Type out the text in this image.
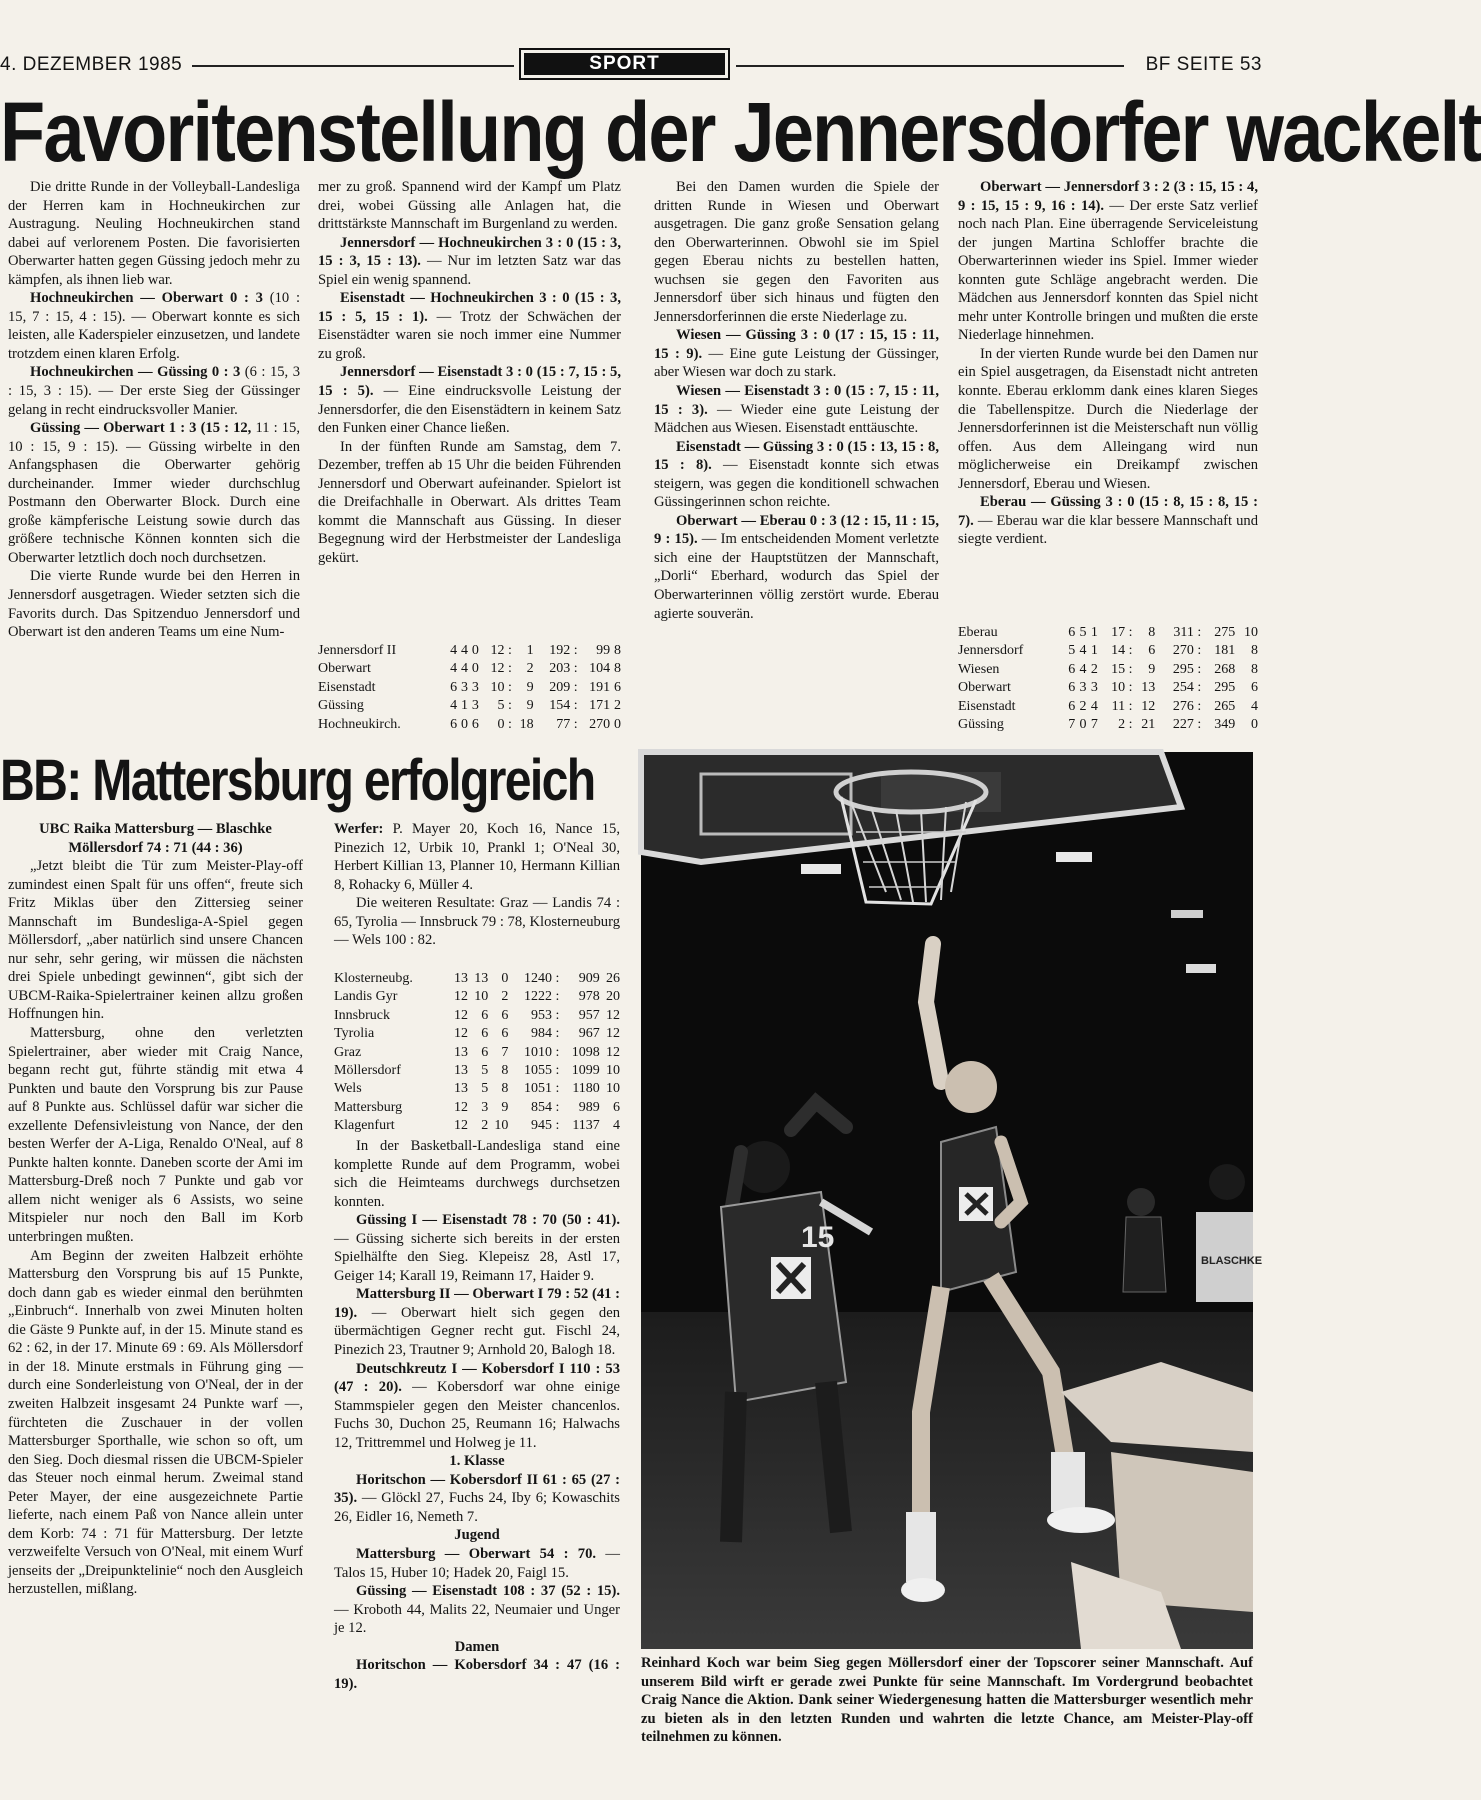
4. DEZEMBER 1985	SPORT	BF SEITE 53
Favoritenstellung der Jennersdorfer wackelt

Die dritte Runde in der Volleyball-Landesliga der Herren kam in Hochneukirchen zur Austragung. Neuling Hochneukirchen stand dabei auf verlorenem Posten. Die favorisierten Oberwarter hatten gegen Güssing jedoch mehr zu kämpfen, als ihnen lieb war.

Hochneukirchen — Oberwart 0 : 3 (10 : 15, 7 : 15, 4 : 15). — Oberwart konnte es sich leisten, alle Kaderspieler einzusetzen, und landete trotzdem einen klaren Erfolg.

Hochneukirchen — Güssing 0 : 3 (6 : 15, 3 : 15, 3 : 15). — Der erste Sieg der Güssinger gelang in recht eindrucksvoller Manier.

Güssing — Oberwart 1 : 3 (15 : 12, 11 : 15, 10 : 15, 9 : 15). — Güssing wirbelte in den Anfangsphasen die Oberwarter gehörig durcheinander. Immer wieder durchschlug Postmann den Oberwarter Block. Durch eine große kämpferische Leistung sowie durch das größere technische Können konnten sich die Oberwarter letztlich doch noch durchsetzen.

Die vierte Runde wurde bei den Herren in Jennersdorf ausgetragen. Wieder setzten sich die Favorits durch. Das Spitzenduo Jennersdorf und Oberwart ist den anderen Teams um eine Num-

mer zu groß. Spannend wird der Kampf um Platz drei, wobei Güssing alle Anlagen hat, die drittstärkste Mannschaft im Burgenland zu werden.

Jennersdorf — Hochneukirchen 3 : 0 (15 : 3, 15 : 3, 15 : 13). — Nur im letzten Satz war das Spiel ein wenig spannend.

Eisenstadt — Hochneukirchen 3 : 0 (15 : 3, 15 : 5, 15 : 1). — Trotz der Schwächen der Eisenstädter waren sie noch immer eine Nummer zu groß.

Jennersdorf — Eisenstadt 3 : 0 (15 : 7, 15 : 5, 15 : 5). — Eine eindrucksvolle Leistung der Jennersdorfer, die den Eisenstädtern in keinem Satz den Funken einer Chance ließen.

In der fünften Runde am Samstag, dem 7. Dezember, treffen ab 15 Uhr die beiden Führenden Jennersdorf und Oberwart aufeinander. Spielort ist die Dreifachhalle in Oberwart. Als drittes Team kommt die Mannschaft aus Güssing. In dieser Begegnung wird der Herbstmeister der Landesliga gekürt.

Bei den Damen wurden die Spiele der dritten Runde in Wiesen und Oberwart ausgetragen. Die ganz große Sensation gelang den Oberwarterinnen. Obwohl sie im Spiel gegen Eberau nichts zu bestellen hatten, wuchsen sie gegen den Favoriten aus Jennersdorf über sich hinaus und fügten den Jennersdorferinnen die erste Niederlage zu.

Wiesen — Güssing 3 : 0 (17 : 15, 15 : 11, 15 : 9). — Eine gute Leistung der Güssinger, aber Wiesen war doch zu stark.

Wiesen — Eisenstadt 3 : 0 (15 : 7, 15 : 11, 15 : 3). — Wieder eine gute Leistung der Mädchen aus Wiesen. Eisenstadt enttäuschte.

Eisenstadt — Güssing 3 : 0 (15 : 13, 15 : 8, 15 : 8). — Eisenstadt konnte sich etwas steigern, was gegen die konditionell schwachen Güssingerinnen schon reichte.

Oberwart — Eberau 0 : 3 (12 : 15, 11 : 15, 9 : 15). — Im entscheidenden Moment verletzte sich eine der Hauptstützen der Mannschaft, „Dorli“ Eberhard, wodurch das Spiel der Oberwarterinnen völlig zerstört wurde. Eberau agierte souverän.

Oberwart — Jennersdorf 3 : 2 (3 : 15, 15 : 4, 9 : 15, 15 : 9, 16 : 14). — Der erste Satz verlief noch nach Plan. Eine überragende Serviceleistung der jungen Martina Schloffer brachte die Oberwarterinnen wieder ins Spiel. Immer wieder konnten gute Schläge angebracht werden. Die Mädchen aus Jennersdorf konnten das Spiel nicht mehr unter Kontrolle bringen und mußten die erste Niederlage hinnehmen.

In der vierten Runde wurde bei den Damen nur ein Spiel ausgetragen, da Eisenstadt nicht antreten konnte. Eberau erklomm dank eines klaren Sieges die Tabellenspitze. Durch die Niederlage der Jennersdorferinnen ist die Meisterschaft nun völlig offen. Aus dem Alleingang wird nun möglicherweise ein Dreikampf zwischen Jennersdorf, Eberau und Wiesen.

Eberau — Güssing 3 : 0 (15 : 8, 15 : 8, 15 : 7). — Eberau war die klar bessere Mannschaft und siegte verdient.

Jennersdorf II	4	4	0	12 :	1	192 :	99	8
Oberwart	4	4	0	12 :	2	203 :	104	8
Eisenstadt	6	3	3	10 :	9	209 :	191	6
Güssing	4	1	3	5 :	9	154 :	171	2
Hochneukirch.	6	0	6	0 :	18	77 :	270	0
Eberau	6	5	1	17 :	8	311 :	275	10
Jennersdorf	5	4	1	14 :	6	270 :	181	8
Wiesen	6	4	2	15 :	9	295 :	268	8
Oberwart	6	3	3	10 :	13	254 :	295	6
Eisenstadt	6	2	4	11 :	12	276 :	265	4
Güssing	7	0	7	2 :	21	227 :	349	0
BB: Mattersburg erfolgreich

UBC Raika Mattersburg — Blaschke Möllersdorf 74 : 71 (44 : 36)

„Jetzt bleibt die Tür zum Meister-Play-off zumindest einen Spalt für uns offen“, freute sich Fritz Miklas über den Zittersieg seiner Mannschaft im Bundesliga-A-Spiel gegen Möllersdorf, „aber natürlich sind unsere Chancen nur sehr, sehr gering, wir müssen die nächsten drei Spiele unbedingt gewinnen“, gibt sich der UBCM-Raika-Spielertrainer keinen allzu großen Hoffnungen hin.

Mattersburg, ohne den verletzten Spielertrainer, aber wieder mit Craig Nance, begann recht gut, führte ständig mit etwa 4 Punkten und baute den Vorsprung bis zur Pause auf 8 Punkte aus. Schlüssel dafür war sicher die exzellente Defensivleistung von Nance, der den besten Werfer der A-Liga, Renaldo O'Neal, auf 8 Punkte halten konnte. Daneben scorte der Ami im Mattersburg-Dreß noch 7 Punkte und gab vor allem nicht weniger als 6 Assists, wo seine Mitspieler nur noch den Ball im Korb unterbringen mußten.

Am Beginn der zweiten Halbzeit erhöhte Mattersburg den Vorsprung bis auf 15 Punkte, doch dann gab es wieder einmal den berühmten „Einbruch“. Innerhalb von zwei Minuten holten die Gäste 9 Punkte auf, in der 15. Minute stand es 62 : 62, in der 17. Minute 69 : 69. Als Möllersdorf in der 18. Minute erstmals in Führung ging — durch eine Sonderleistung von O'Neal, der in der zweiten Halbzeit insgesamt 24 Punkte warf —, fürchteten die Zuschauer in der vollen Mattersburger Sporthalle, wie schon so oft, um den Sieg. Doch diesmal rissen die UBCM-Spieler das Steuer noch einmal herum. Zweimal stand Peter Mayer, der eine ausgezeichnete Partie lieferte, nach einem Paß von Nance allein unter dem Korb: 74 : 71 für Mattersburg. Der letzte verzweifelte Versuch von O'Neal, mit einem Wurf jenseits der „Dreipunktelinie“ noch den Ausgleich herzustellen, mißlang.

Werfer: P. Mayer 20, Koch 16, Nance 15, Pinezich 12, Urbik 10, Prankl 1; O'Neal 30, Herbert Killian 13, Planner 10, Hermann Killian 8, Rohacky 6, Müller 4.

Die weiteren Resultate: Graz — Landis 74 : 65, Tyrolia — Innsbruck 79 : 78, Klosterneuburg — Wels 100 : 82.

Klosterneubg.	13	13	0	1240 :	909	26
Landis Gyr	12	10	2	1222 :	978	20
Innsbruck	12	6	6	953 :	957	12
Tyrolia	12	6	6	984 :	967	12
Graz	13	6	7	1010 :	1098	12
Möllersdorf	13	5	8	1055 :	1099	10
Wels	13	5	8	1051 :	1180	10
Mattersburg	12	3	9	854 :	989	6
Klagenfurt	12	2	10	945 :	1137	4

In der Basketball-Landesliga stand eine komplette Runde auf dem Programm, wobei sich die Heimteams durchwegs durchsetzen konnten.

Güssing I — Eisenstadt 78 : 70 (50 : 41). — Güssing sicherte sich bereits in der ersten Spielhälfte den Sieg. Klepeisz 28, Astl 17, Geiger 14; Karall 19, Reimann 17, Haider 9.

Mattersburg II — Oberwart I 79 : 52 (41 : 19). — Oberwart hielt sich gegen den übermächtigen Gegner recht gut. Fischl 24, Pinezich 23, Trautner 9; Arnhold 20, Balogh 18.

Deutschkreutz I — Kobersdorf I 110 : 53 (47 : 20). — Kobersdorf war ohne einige Stammspieler gegen den Meister chancenlos. Fuchs 30, Duchon 25, Reumann 16; Halwachs 12, Trittremmel und Holweg je 11.

1. Klasse

Horitschon — Kobersdorf II 61 : 65 (27 : 35). — Glöckl 27, Fuchs 24, Iby 6; Kowaschits 26, Eidler 16, Nemeth 7.

Jugend

Mattersburg — Oberwart 54 : 70. — Talos 15, Huber 10; Hadek 20, Faigl 15.

Güssing — Eisenstadt 108 : 37 (52 : 15). — Kroboth 44, Malits 22, Neumaier und Unger je 12.

Damen

Horitschon — Kobersdorf 34 : 47 (16 : 19).

15
BLASCHKE
Reinhard Koch war beim Sieg gegen Möllersdorf einer der Topscorer seiner Mannschaft. Auf unserem Bild wirft er gerade zwei Punkte für seine Mannschaft. Im Vordergrund beobachtet Craig Nance die Aktion. Dank seiner Wiedergenesung hatten die Mattersburger wesentlich mehr zu bieten als in den letzten Runden und wahrten die letzte Chance, am Meister-Play-off teilnehmen zu können.
